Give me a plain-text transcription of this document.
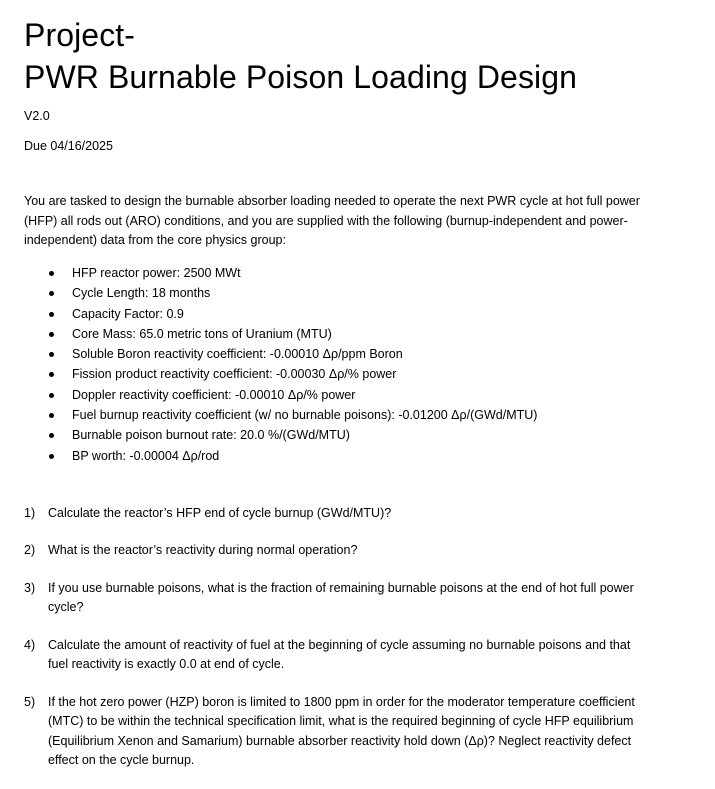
Project-
PWR Burnable Poison Loading Design
V2.0
Due 04/16/2025

You are tasked to design the burnable absorber loading needed to operate the next PWR cycle at hot full power (HFP) all rods out (ARO) conditions, and you are supplied with the following (burnup-independent and power-independent) data from the core physics group:

HFP reactor power: 2500 MWt
Cycle Length: 18 months
Capacity Factor: 0.9
Core Mass: 65.0 metric tons of Uranium (MTU)
Soluble Boron reactivity coefficient: -0.00010 Δρ/ppm Boron
Fission product reactivity coefficient: -0.00030 Δρ/% power
Doppler reactivity coefficient: -0.00010 Δρ/% power
Fuel burnup reactivity coefficient (w/ no burnable poisons): -0.01200 Δρ/(GWd/MTU)
Burnable poison burnout rate: 20.0 %/(GWd/MTU)
BP worth: -0.00004 Δρ/rod
1) Calculate the reactor’s HFP end of cycle burnup (GWd/MTU)?
2) What is the reactor’s reactivity during normal operation?
3) If you use burnable poisons, what is the fraction of remaining burnable poisons at the end of hot full power cycle?
4) Calculate the amount of reactivity of fuel at the beginning of cycle assuming no burnable poisons and that fuel reactivity is exactly 0.0 at end of cycle.
5) If the hot zero power (HZP) boron is limited to 1800 ppm in order for the moderator temperature coefficient (MTC) to be within the technical specification limit, what is the required beginning of cycle HFP equilibrium (Equilibrium Xenon and Samarium) burnable absorber reactivity hold down (Δρ)? Neglect reactivity defect effect on the cycle burnup.
